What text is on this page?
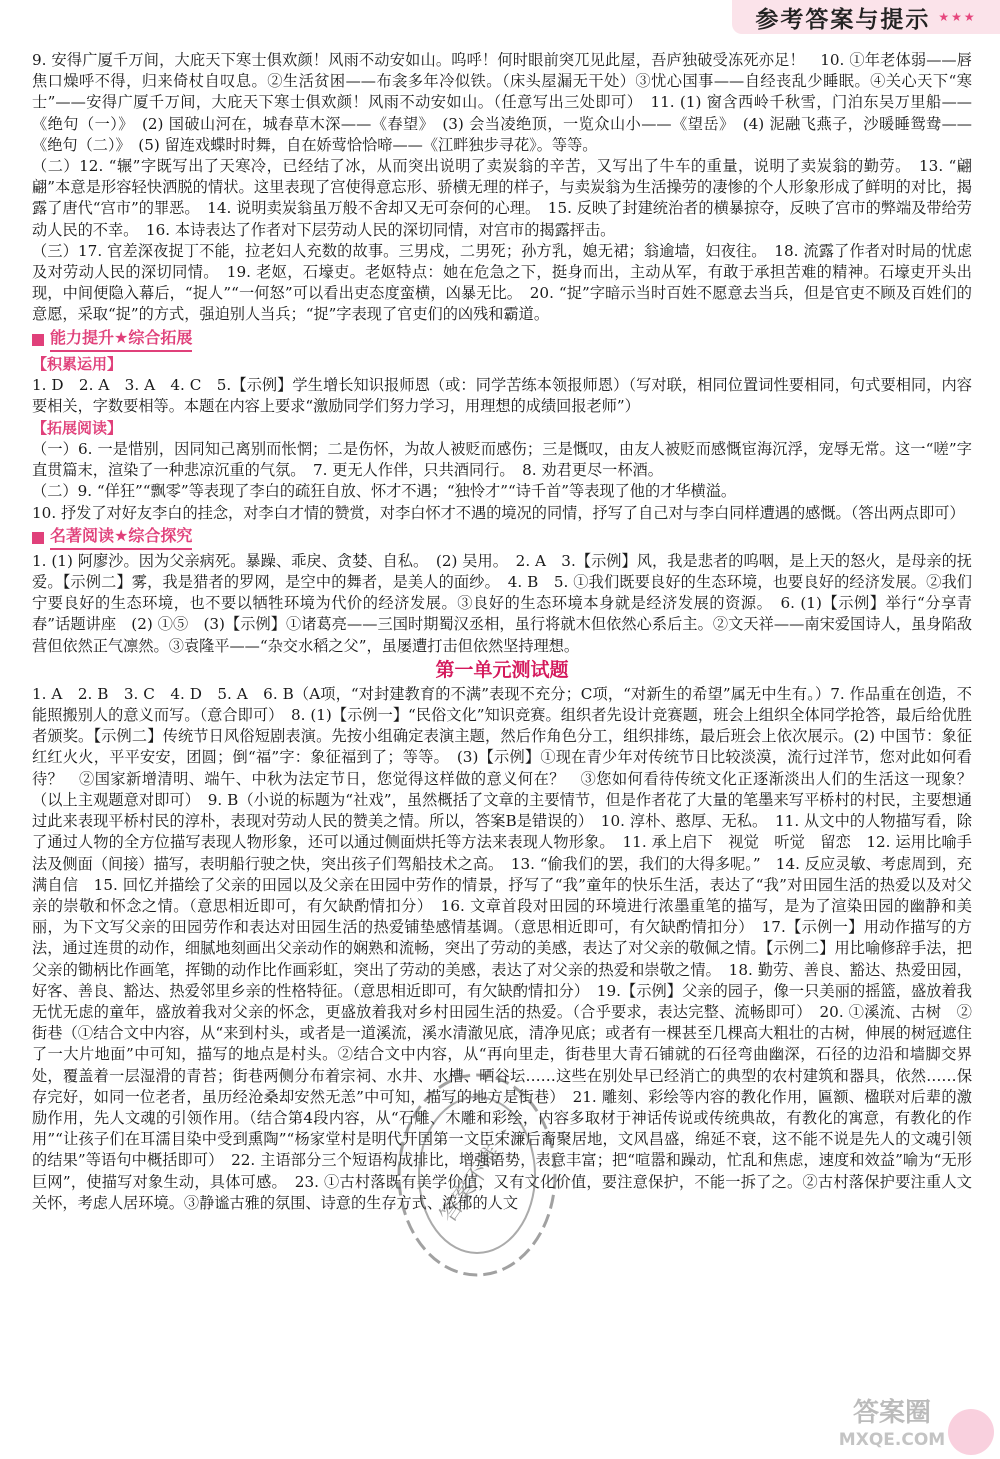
参考答案与提示 ★★★

9. 安得广厦千万间，大庇天下寒士俱欢颜！风雨不动安如山。呜呼！何时眼前突兀见此屋，吾庐独破受冻死亦足！　10. ①年老体弱——唇焦口燥呼不得，归来倚杖自叹息。②生活贫困——布衾多年冷似铁。（床头屋漏无干处）③忧心国事——自经丧乱少睡眠。④关心天下“寒士”——安得广厦千万间，大庇天下寒士俱欢颜！风雨不动安如山。（任意写出三处即可）　11. (1) 窗含西岭千秋雪，门泊东吴万里船——《绝句（一）》　(2) 国破山河在，城春草木深——《春望》　(3) 会当凌绝顶，一览众山小——《望岳》　(4) 泥融飞燕子，沙暖睡鸳鸯——《绝句（二）》　(5) 留连戏蝶时时舞，自在娇莺恰恰啼——《江畔独步寻花》。等等。

（二）12. “辗”字既写出了天寒冷，已经结了冰，从而突出说明了卖炭翁的辛苦，又写出了牛车的重量，说明了卖炭翁的勤劳。　13. “翩翩”本意是形容轻快洒脱的情状。这里表现了宫使得意忘形、骄横无理的样子，与卖炭翁为生活操劳的凄惨的个人形象形成了鲜明的对比，揭露了唐代“宫市”的罪恶。　14. 说明卖炭翁虽万般不舍却又无可奈何的心理。　15. 反映了封建统治者的横暴掠夺，反映了宫市的弊端及带给劳动人民的不幸。　16. 本诗表达了作者对下层劳动人民的深切同情，对宫市的揭露抨击。

（三）17. 官差深夜捉丁不能，拉老妇人充数的故事。三男戍，二男死；孙方乳，媳无裙；翁逾墙，妇夜往。　18. 流露了作者对时局的忧虑及对劳动人民的深切同情。　19. 老妪，石壕吏。老妪特点：她在危急之下，挺身而出，主动从军，有敢于承担苦难的精神。石壕吏开头出现，中间便隐入幕后，“捉人”“一何怒”可以看出吏态度蛮横，凶暴无比。　20. “捉”字暗示当时百姓不愿意去当兵，但是官吏不顾及百姓们的意愿，采取“捉”的方式，强迫别人当兵；“捉”字表现了官吏们的凶残和霸道。

能力提升★综合拓展
【积累运用】

1. D　2. A　3. A　4. C　5.【示例】学生增长知识报师恩（或：同学苦练本领报师恩）（写对联，相同位置词性要相同，句式要相同，内容要相关，字数要相等。本题在内容上要求“激励同学们努力学习，用理想的成绩回报老师”）

【拓展阅读】

（一）6. 一是惜别，因同知己离别而怅惘；二是伤怀，为故人被贬而感伤；三是慨叹，由友人被贬而感慨宦海沉浮，宠辱无常。这一“嗟”字直贯篇末，渲染了一种悲凉沉重的气氛。　7. 更无人作伴，只共酒同行。　8. 劝君更尽一杯酒。

（二）9. “佯狂”“飘零”等表现了李白的疏狂自放、怀才不遇；“独怜才”“诗千首”等表现了他的才华横溢。

10. 抒发了对好友李白的挂念，对李白才情的赞赏，对李白怀才不遇的境况的同情，抒写了自己对与李白同样遭遇的感慨。（答出两点即可）

名著阅读★综合探究

1. (1) 阿廖沙。因为父亲病死。暴躁、乖戾、贪婪、自私。　(2) 吴用。　2. A　3.【示例】风，我是悲者的呜咽，是上天的怒火，是母亲的抚爱。【示例二】雾，我是猎者的罗网，是空中的舞者，是美人的面纱。　4. B　5. ①我们既要良好的生态环境，也要良好的经济发展。②我们宁要良好的生态环境，也不要以牺牲环境为代价的经济发展。③良好的生态环境本身就是经济发展的资源。　6. (1)【示例】举行“分享青春”话题讲座　(2) ①⑤　(3)【示例】①诸葛亮——三国时期蜀汉丞相，虽行将就木但依然心系后主。②文天祥——南宋爱国诗人，虽身陷敌营但依然正气凛然。③袁隆平——“杂交水稻之父”，虽屡遭打击但依然坚持理想。

第一单元测试题

1. A　2. B　3. C　4. D　5. A　6. B（A项，“对封建教育的不满”表现不充分；C项，“对新生的希望”属无中生有。）7. 作品重在创造，不能照搬别人的意义而写。（意合即可）　8. (1)【示例一】“民俗文化”知识竞赛。组织者先设计竞赛题，班会上组织全体同学抢答，最后给优胜者颁奖。【示例二】传统节日风俗短剧表演。先按小组确定表演主题，然后作角色分工，组织排练，最后班会上依次展示。(2) 中国节：象征红红火火，平平安安，团圆；倒“福”字：象征福到了；等等。　(3)【示例】①现在青少年对传统节日比较淡漠，流行过洋节，您对此如何看待？　②国家新增清明、端午、中秋为法定节日，您觉得这样做的意义何在？　③您如何看待传统文化正逐渐淡出人们的生活这一现象？（以上主观题意对即可）　9. B（小说的标题为“社戏”，虽然概括了文章的主要情节，但是作者花了大量的笔墨来写平桥村的村民，主要想通过此来表现平桥村民的淳朴，表现对劳动人民的赞美之情。所以，答案B是错误的）　10. 淳朴、憨厚、无私。　11. 从文中的人物描写看，除了通过人物的全方位描写表现人物形象，还可以通过侧面烘托等方法来表现人物形象。　11. 承上启下　视觉　听觉　留恋　12. 运用比喻手法及侧面（间接）描写，表明船行驶之快，突出孩子们驾船技术之高。　13. “偷我们的罢，我们的大得多呢。”　14. 反应灵敏、考虑周到，充满自信　15. 回忆并描绘了父亲的田园以及父亲在田园中劳作的情景，抒写了“我”童年的快乐生活，表达了“我”对田园生活的热爱以及对父亲的崇敬和怀念之情。（意思相近即可，有欠缺酌情扣分）　16. 文章首段对田园的环境进行浓墨重笔的描写，是为了渲染田园的幽静和美丽，为下文写父亲的田园劳作和表达对田园生活的热爱铺垫感情基调。（意思相近即可，有欠缺酌情扣分）　17.【示例一】用动作描写的方法，通过连贯的动作，细腻地刻画出父亲动作的娴熟和流畅，突出了劳动的美感，表达了对父亲的敬佩之情。【示例二】用比喻修辞手法，把父亲的锄柄比作画笔，挥锄的动作比作画彩虹，突出了劳动的美感，表达了对父亲的热爱和崇敬之情。　18. 勤劳、善良、豁达、热爱田园，好客、善良、豁达、热爱邻里乡亲的性格特征。（意思相近即可，有欠缺酌情扣分）　19.【示例】父亲的园子，像一只美丽的摇篮，盛放着我无忧无虑的童年，盛放着我对父亲的怀念，更盛放着我对乡村田园生活的热爱。（合乎要求，表达完整、流畅即可）　20. ①溪流、古树　②街巷（①结合文中内容，从“来到村头，或者是一道溪流，溪水清澈见底，清净见底；或者有一棵甚至几棵高大粗壮的古树，伸展的树冠遮住了一大片地面”中可知，描写的地点是村头。②结合文中内容，从“再向里走，街巷里大青石铺就的石径弯曲幽深，石径的边沿和墙脚交界处，覆盖着一层湿滑的青苔；街巷两侧分布着宗祠、水井、水槽、晒谷坛……这些在别处早已经消亡的典型的农村建筑和器具，依然……保存完好，如同一位老者，虽历经沧桑却安然无恙”中可知，描写的地方是街巷）　21. 雕刻、彩绘等内容的教化作用，匾额、楹联对后辈的激励作用，先人文魂的引领作用。（结合第4段内容，从“石雕、木雕和彩绘，内容多取材于神话传说或传统典故，有教化的寓意，有教化的作用”“让孩子们在耳濡目染中受到熏陶”“杨家堂村是明代开国第一文臣宋濂后裔聚居地，文风昌盛，绵延不衰，这不能不说是先人的文魂引领的结果”等语句中概括即可）　22. 主语部分三个短语构成排比，增强语势，表意丰富；把“喧嚣和躁动，忙乱和焦虑，速度和效益”喻为“无形巨网”，使描写对象生动，具体可感。　23. ①古村落既有美学价值，又有文化价值，要注意保护，不能一拆了之。②古村落保护要注重人文关怀，考虑人居环境。③静谧古雅的氛围、诗意的生存方式、浓郁的人文

答案不唯一
答案圈
MXQE.COM
